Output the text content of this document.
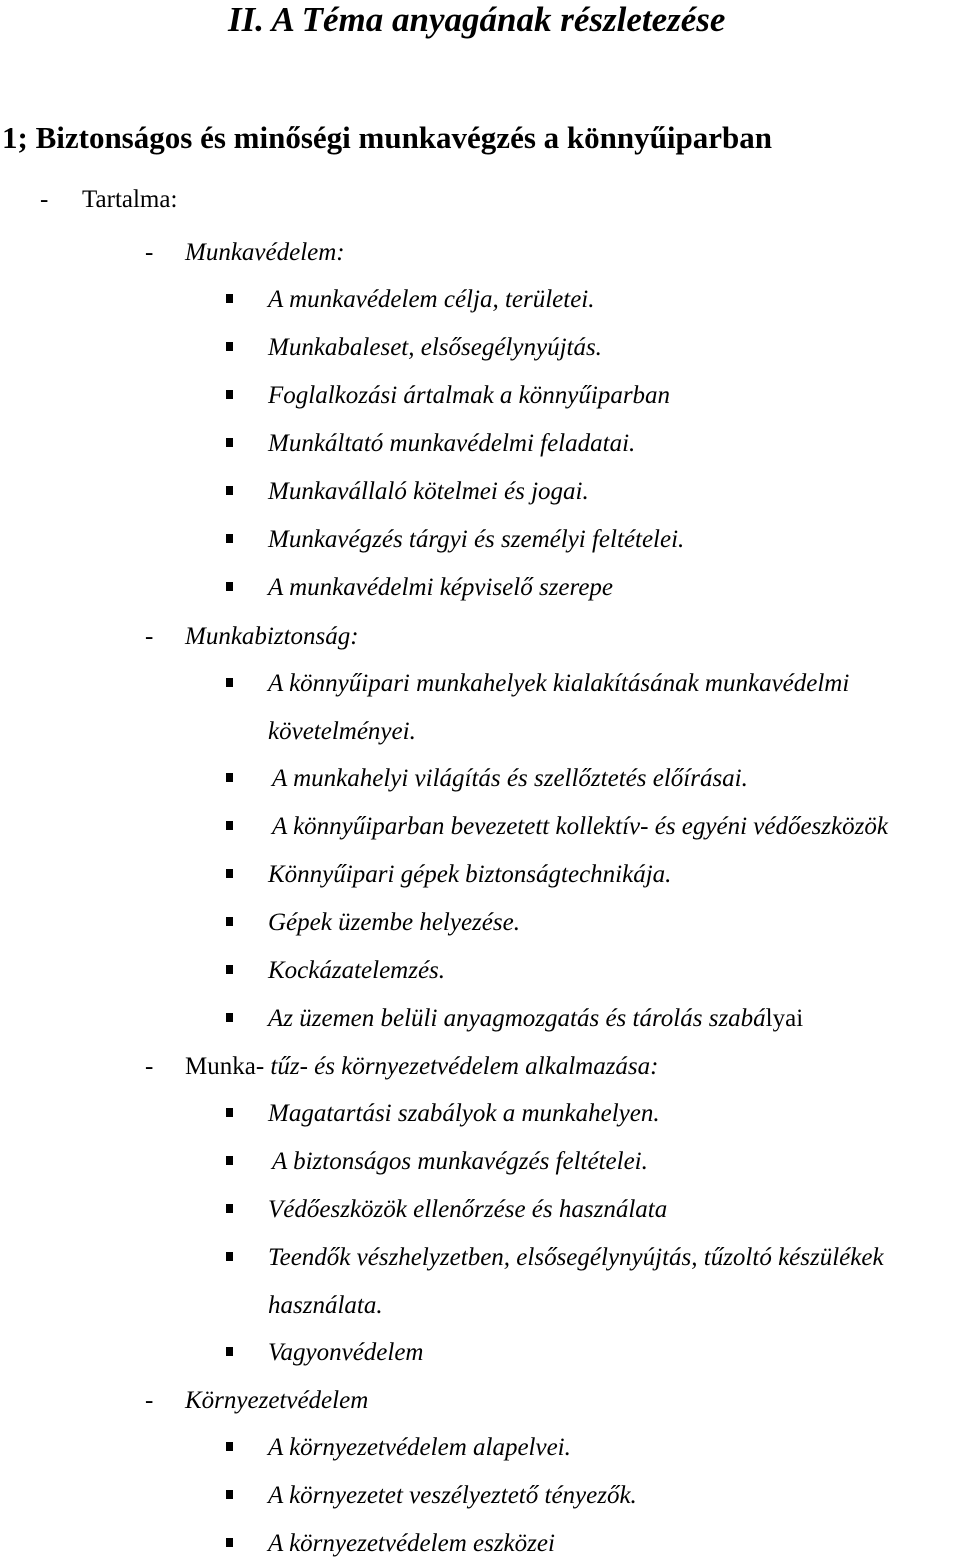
II. A Téma anyagának részletezése
1; Biztonságos és minőségi munkavégzés a könnyűiparban
- Tartalma:
- Munkavédelem:
A munkavédelem célja, területei.
Munkabaleset, elsősegélynyújtás.
Foglalkozási ártalmak a könnyűiparban
Munkáltató munkavédelmi feladatai.
Munkavállaló kötelmei és jogai.
Munkavégzés tárgyi és személyi feltételei.
A munkavédelmi képviselő szerepe
- Munkabiztonság:
A könnyűipari munkahelyek kialakításának munkavédelmi
követelményei.
A munkahelyi világítás és szellőztetés előírásai.
A könnyűiparban bevezetett kollektív- és egyéni védőeszközök
Könnyűipari gépek biztonságtechnikája.
Gépek üzembe helyezése.
Kockázatelemzés.
Az üzemen belüli anyagmozgatás és tárolás szabályai
- Munka- tűz- és környezetvédelem alkalmazása:
Magatartási szabályok a munkahelyen.
A biztonságos munkavégzés feltételei.
Védőeszközök ellenőrzése és használata
Teendők vészhelyzetben, elsősegélynyújtás, tűzoltó készülékek
használata.
Vagyonvédelem
- Környezetvédelem
A környezetvédelem alapelvei.
A környezetet veszélyeztető tényezők.
A környezetvédelem eszközei
